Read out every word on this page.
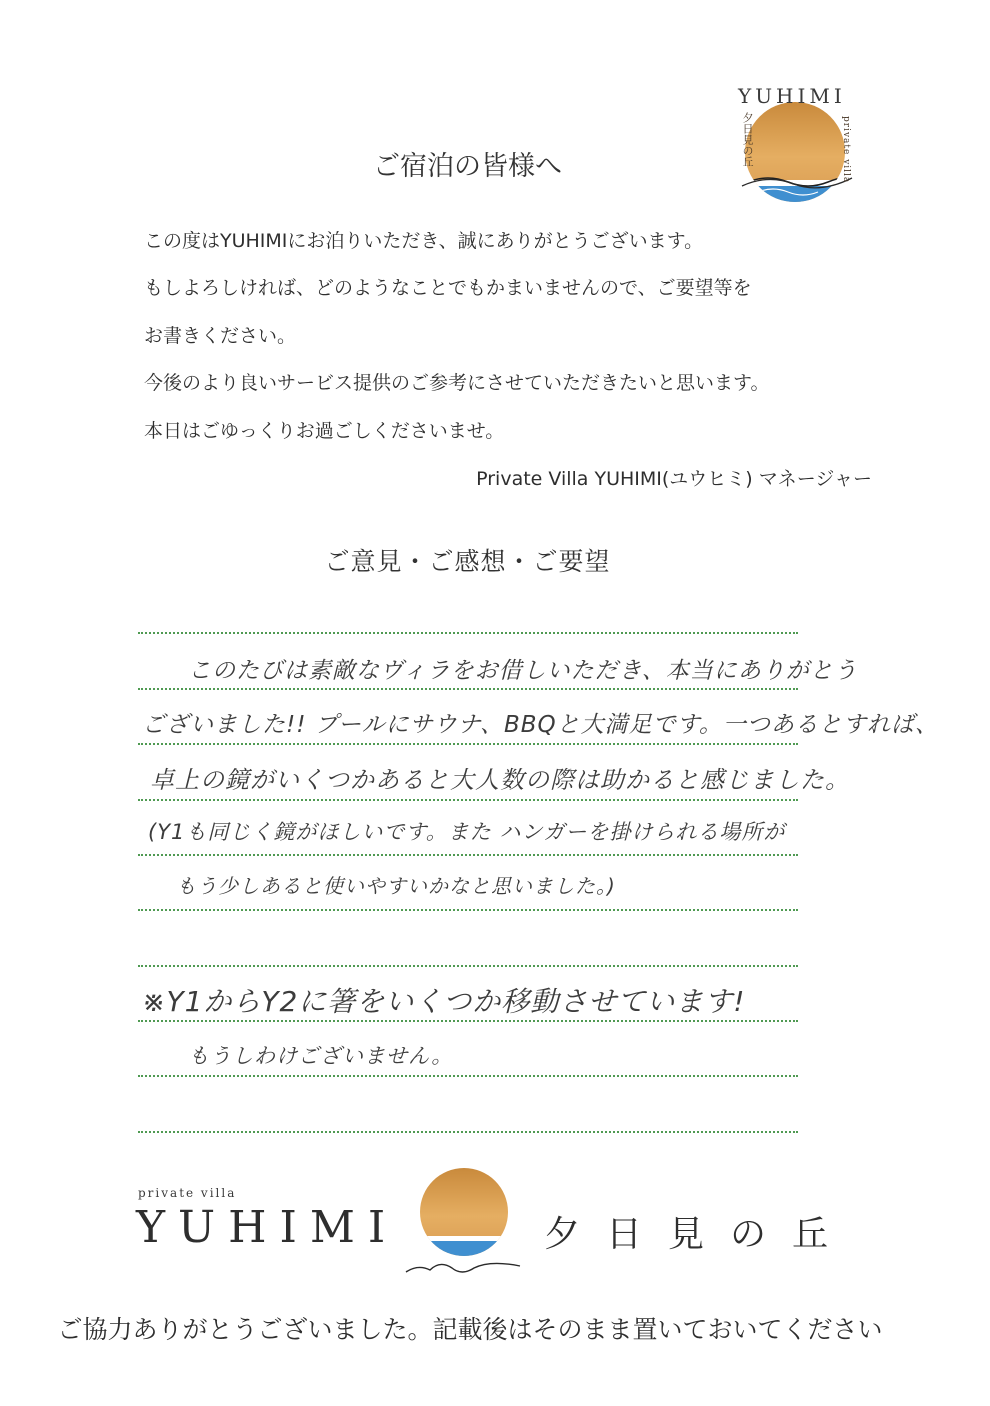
YUHIMI
夕日見の丘	private villa
ご宿泊の皆様へ
この度はYUHIMIにお泊りいただき、誠にありがとうございます。
もしよろしければ、どのようなことでもかまいませんので、ご要望等を
お書きください。
今後のより良いサービス提供のご参考にさせていただきたいと思います。
本日はごゆっくりお過ごしくださいませ。
Private Villa YUHIMI(ユウヒミ) マネージャー
ご意見・ご感想・ご要望
このたびは素敵なヴィラをお借しいただき、本当にありがとう
ございました!! プールにサウナ、BBQと大満足です。一つあるとすれば、
卓上の鏡がいくつかあると大人数の際は助かると感じました。
(Y1も同じく鏡がほしいです。また ハンガーを掛けられる場所が
もう少しあると使いやすいかなと思いました。)
※Y1からY2に箸をいくつか移動させています!
もうしわけございません。
private villa
YUHIMI	夕日見の丘
ご協力ありがとうございました。記載後はそのまま置いておいてください
